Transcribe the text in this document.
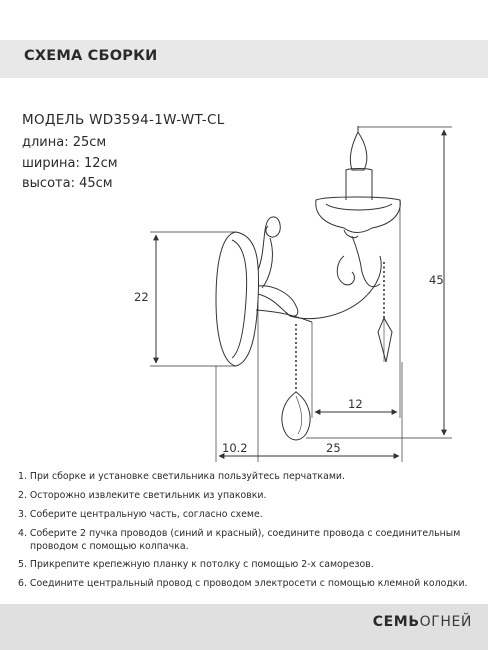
СХЕМА СБОРКИ
МОДЕЛЬ WD3594-1W-WT-CL
длина: 25см
ширина: 12см
высота: 45см
45
22
12
25
10.2
1. При сборке и установке светильника пользуйтесь перчатками.
2. Осторожно извлеките светильник из упаковки.
3. Соберите центральную часть, согласно схеме.
4. Соберите 2 пучка проводов (синий и красный), соедините провода с соединительным
проводом с помощью колпачка.
5. Прикрепите крепежную планку к потолку с помощью 2-х саморезов.
6. Соедините центральный провод с проводом электросети с помощью клемной колодки.
СЕМЬОГНЕЙ
